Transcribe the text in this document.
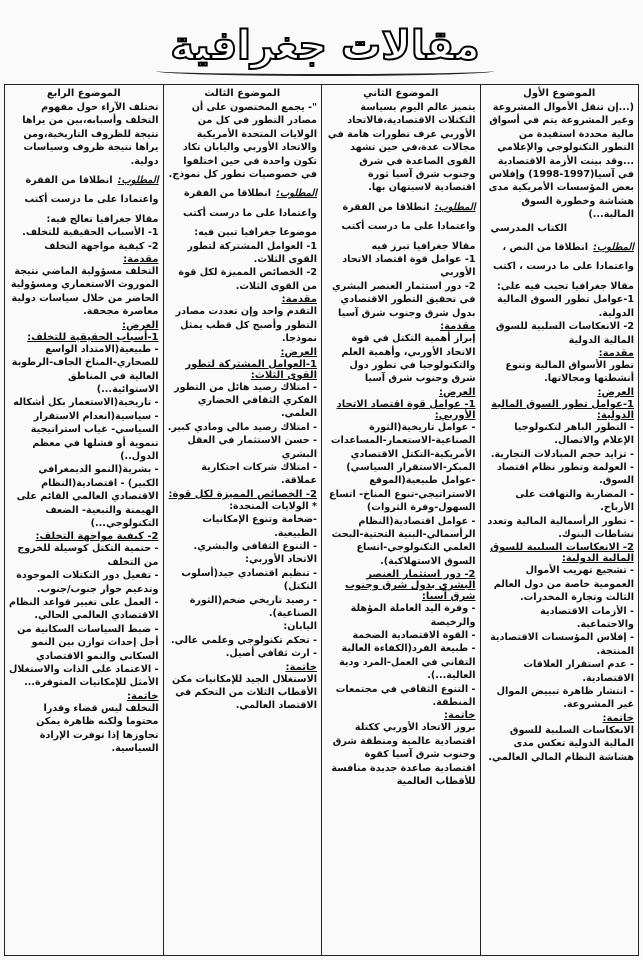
مقالات جغرافية
الموضوع الأول

(...إن تنقل الأموال المشروعة وغير المشروعة يتم في أسواق مالية محددة استفيدة من التطور التكنولوجي والإعلامي ...وقد بينت الأزمة الاقتصادية في آسيا(1997-1998) وإفلاس بعض المؤسسات الأمريكية مدى هشاشة وخطورة السوق المالية...)

الكتاب المدرسي
المطلوب: انطلاقا من النص ، واعتمادا على ما درست ، اكتب مقالا جغرافيا تجيب فيه على:
1-عوامل تطور السوق المالية الدولية.
2- الانعكاسات السلبية للسوق المالية الدولية
مقدمة:
تطور الأسواق المالية وتنوع أنشطتها ومجالاتها.
العرض:
1-عوامل تطور السوق المالية الدولية:
- التطور الباهر لتكنولوجيا الإعلام والاتصال.
- تزايد حجم المبادلات التجارية.
- العولمة وتطور نظام اقتصاد السوق.
- المضاربة والتهافت على الأرباح.
- تطور الرأسمالية المالية وتعدد نشاطات البنوك.
2- الانعكاسات السلبية للسوق المالية الدولية:
- تشجيع تهريب الأموال العمومية خاصة من دول العالم الثالث وتجارة المخدرات.
- الأزمات الاقتصادية والاجتماعية.
- إفلاس المؤسسات الاقتصادية المنتجة.
- عدم استقرار العلاقات الاقتصادية.
- انتشار ظاهرة تبييض الموال غير المشروعة.
خاتمة:
الانعكاسات السلبية للسوق المالية الدولية تعكس مدى هشاشة النظام المالي العالمي.
الموضوع الثاني

يتميز عالم اليوم بسياسة التكتلات الاقتصادية،فالاتحاد الأوربي عرف تطورات هامة في مجالات عدة،في حين تشهد القوى الصاعدة في شرق وجنوب شرق آسيا ثورة اقتصادية لاسيتهان بها.

المطلوب: انطلاقا من الفقرة واعتمادا على ما درست أكتب مقالا جغرافيا تبرز فيه
1- عوامل قوة اقتصاد الاتحاد الأوربي
2- دور استثمار العنصر البشري في تحقيق التطور الاقتصادي بدول شرق وجنوب شرق آسيا
مقدمة:
إبراز أهمية التكتل في قوة الاتحاد الأوربي، وأهمية العلم والتكنولوجيا في تطور دول شرق وجنوب شرق آسيا
العرض:
1- عوامل قوة اقتصاد الاتحاد الأوربي:
- عوامل تاريخية(الثورة الصناعية-الاستعمار-المساعدات الأمريكية-التكتل الاقتصادي المبكر-الاستقرار السياسي)
-عوامل طبيعية(الموقع الاستراتيجي-تنوع المناخ- اتساع السهول-وفرة الثروات)
- عوامل اقتصادية(النظام الرأسمالي-البنية التحتية-البحث العلمي التكنولوجي-اتساع السوق الاستهلاكية).
2- دور استثمار العنصر البشري بدول شرق وجنوب شرق آسيا:
- وفرة اليد العاملة المؤهلة والرخيصة
- القوة الاقتصادية الضخمة
- طبيعة الفرد(الكفاءة العالية التفاني في العمل-المرد ودية العالية...).
- التنوع الثقافي في مجتمعات المنطقة.
خاتمة:
بروز الاتحاد الأوربي ككتلة اقتصادية عالمية ومنطقة شرق وجنوب شرق آسيا كقوة اقتصادية صاعدة جديدة منافسة للأقطاب العالمية
الموضوع الثالث

"- يجمع المختصون على أن مصادر التطور في كل من الولايات المتحدة الأمريكية والاتحاد الأوربي واليابان تكاد تكون واحدة في حين اختلفوا في خصوصيات تطور كل نموذج.

المطلوب: انطلاقا من الفقرة واعتمادا على ما درست أكتب موضوعا جغرافيا تبين فيه:
1- العوامل المشتركة لتطور القوى الثلاث.
2- الخصائص المميزة لكل قوة من القوى الثلاث.
مقدمة:
التقدم واحد وإن تعددت مصادر التطور وأصبح كل قطب يمثل نموذجا.
العرض:
1-العوامل المشتركة لتطور القوى الثلاث:
- امتلاك رصيد هائل من التطور الفكري الثقافي الحضاري العلمي.
- امتلاك رصيد مالي ومادي كبير.
- حسن الاستثمار في العقل البشري
- امتلاك شركات احتكارية عملاقة.
2- الخصائص المميزة لكل قوة:
* الولايات المتحدة:
-ضخامة وتنوع الإمكانيات الطبيعية.
- التنوع الثقافي والبشري.
الاتحاد الأوربي:
- تنظيم اقتصادي جيد(أسلوب التكتل)
- رصيد تاريخي ضخم(الثورة الصناعية).
اليابان:
- تحكم تكنولوجي وعلمي عالي.
- ارث ثقافي أصيل.
خاتمة:
الاستغلال الجيد للإمكانيات مكن الأقطاب الثلاث من التحكم في الاقتصاد العالمي.
الموضوع الرابع

تختلف الآراء حول مفهوم التخلف وأسبابه،بين من يراها نتيجة للظروف التاريخية،ومن يراها نتيجة ظروف وسياسات دولية.

المطلوب: انطلاقا من الفقرة واعتمادا على ما درست أكتب مقالا جغرافيا تعالج فيه:
1- الأسباب الحقيقية للتخلف.
2- كيفية مواجهة التخلف
مقدمة:
التخلف مسؤولية الماضي نتيجة الموروث الاستعماري ومسؤولية الحاضر من خلال سياسات دولية معاصرة مجحفة.
العرض:
1-أسباب الحقيقية للتخلف:
- طبيعية(الامتداد الواسع للصحاري-المناخ الجاف-الرطوبة العالية في المناطق الاستوائية...)
- تاريخية(الاستعمار بكل أشكاله - سياسية(انعدام الاستقرار السياسي- غياب استراتيجية تنموية أو فشلها في معظم الدول..)
- بشرية(النمو الديمغرافي الكبير) - اقتصادية(النظام الاقتصادي العالمي القائم على الهيمنة والتبعية- الضعف التكنولوجي...)
2- كيفية مواجهة التخلف:
- حتمية التكتل كوسيلة للخروج من التخلف
- تفعيل دور التكتلات الموجودة وتدعيم حوار جنوب/جنوب.
- العمل على تغيير قواعد النظام الاقتصادي العالمي الحالي.
- ضبط السياسات السكانية من أجل إحداث توازن بين النمو السكاني والنمو الاقتصادي
- الاعتماد على الذات والاستغلال الأمثل للإمكانيات المتوفرة...
خاتمة:
التخلف ليس قضاء وقدرا محتوما ولكنه ظاهرة يمكن تجاوزها إذا توفرت الإرادة السياسية.
